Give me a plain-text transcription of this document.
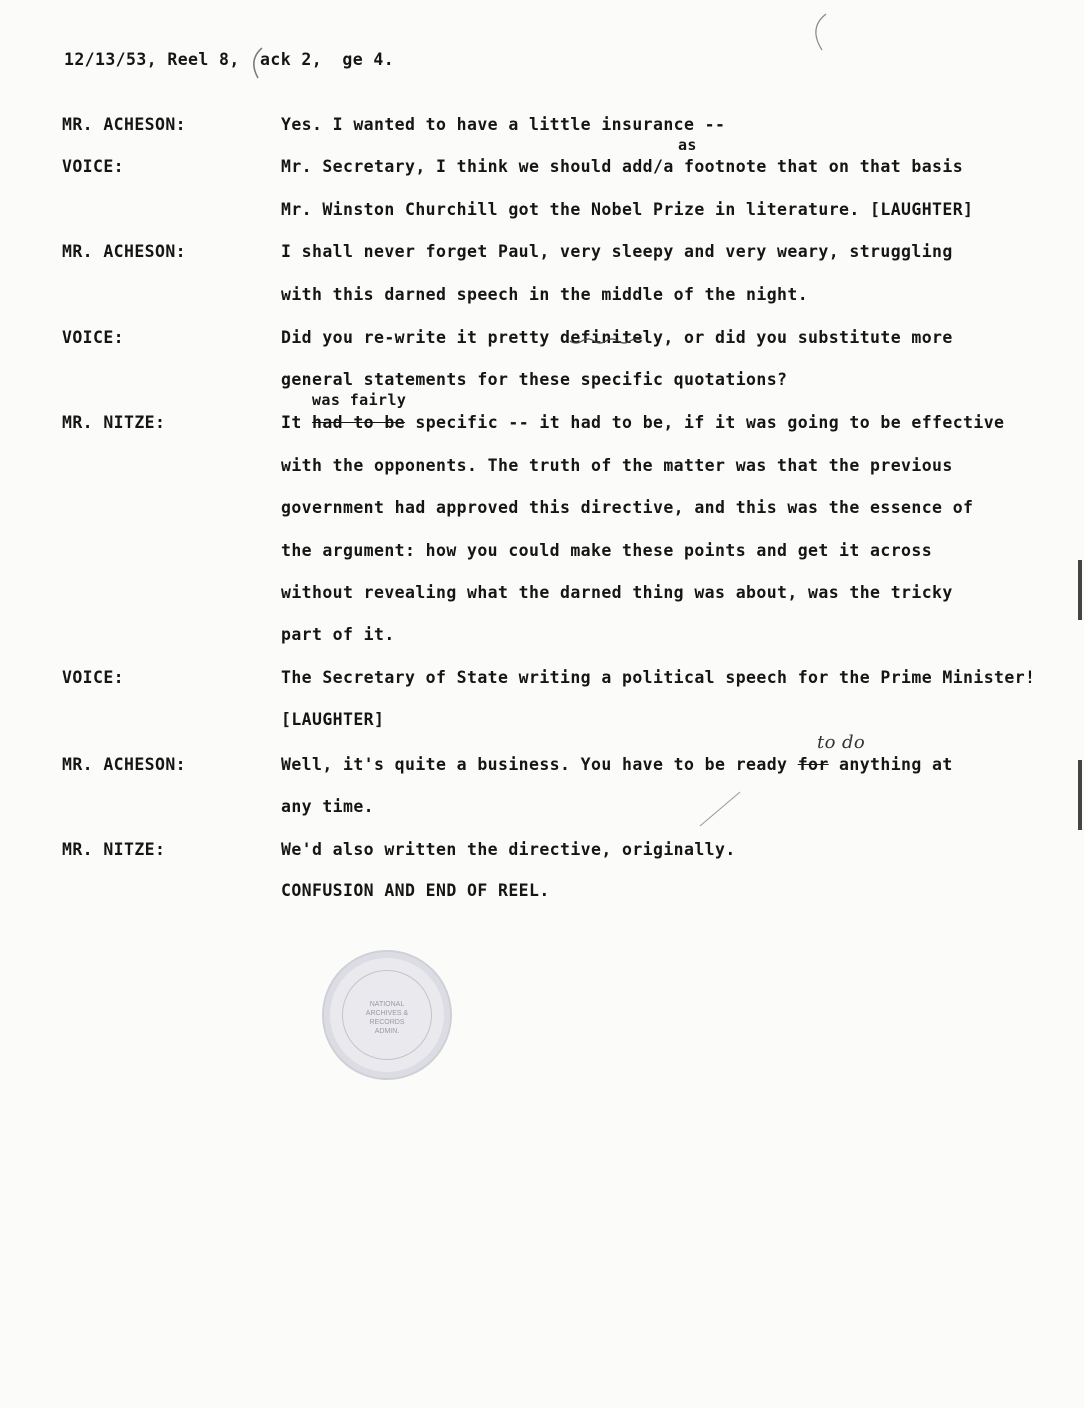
12/13/53, Reel 8, ack 2, ge 4.
MR. ACHESON:	Yes. I wanted to have a little insurance --
as
VOICE:	Mr. Secretary, I think we should add/a footnote that on that basis
Mr. Winston Churchill got the Nobel Prize in literature. [LAUGHTER]
MR. ACHESON:	I shall never forget Paul, very sleepy and very weary, struggling
with this darned speech in the middle of the night.
VOICE:	Did you re-write it pretty definitely, or did you substitute more
general statements for these specific quotations?
was fairly
MR. NITZE:	It had to be specific -- it had to be, if it was going to be effective
with the opponents. The truth of the matter was that the previous
government had approved this directive, and this was the essence of
the argument: how you could make these points and get it across
without revealing what the darned thing was about, was the tricky
part of it.
VOICE:	The Secretary of State writing a political speech for the Prime Minister!
[LAUGHTER]
to do
MR. ACHESON:	Well, it's quite a business. You have to be ready for anything at
any time.
MR. NITZE:	We'd also written the directive, originally.
CONFUSION AND END OF REEL.
NATIONAL
ARCHIVES &
RECORDS
ADMIN.
